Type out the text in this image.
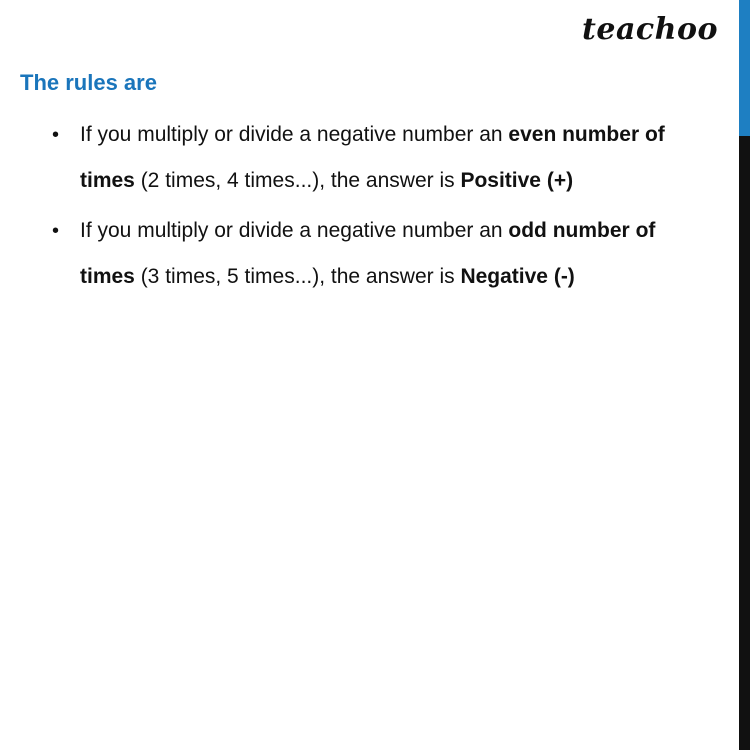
teachoo
The rules are
• If you multiply or divide a negative number an even number of times (2 times, 4 times...), the answer is Positive (+)
• If you multiply or divide a negative number an odd number of times (3 times, 5 times...), the answer is Negative (-)
